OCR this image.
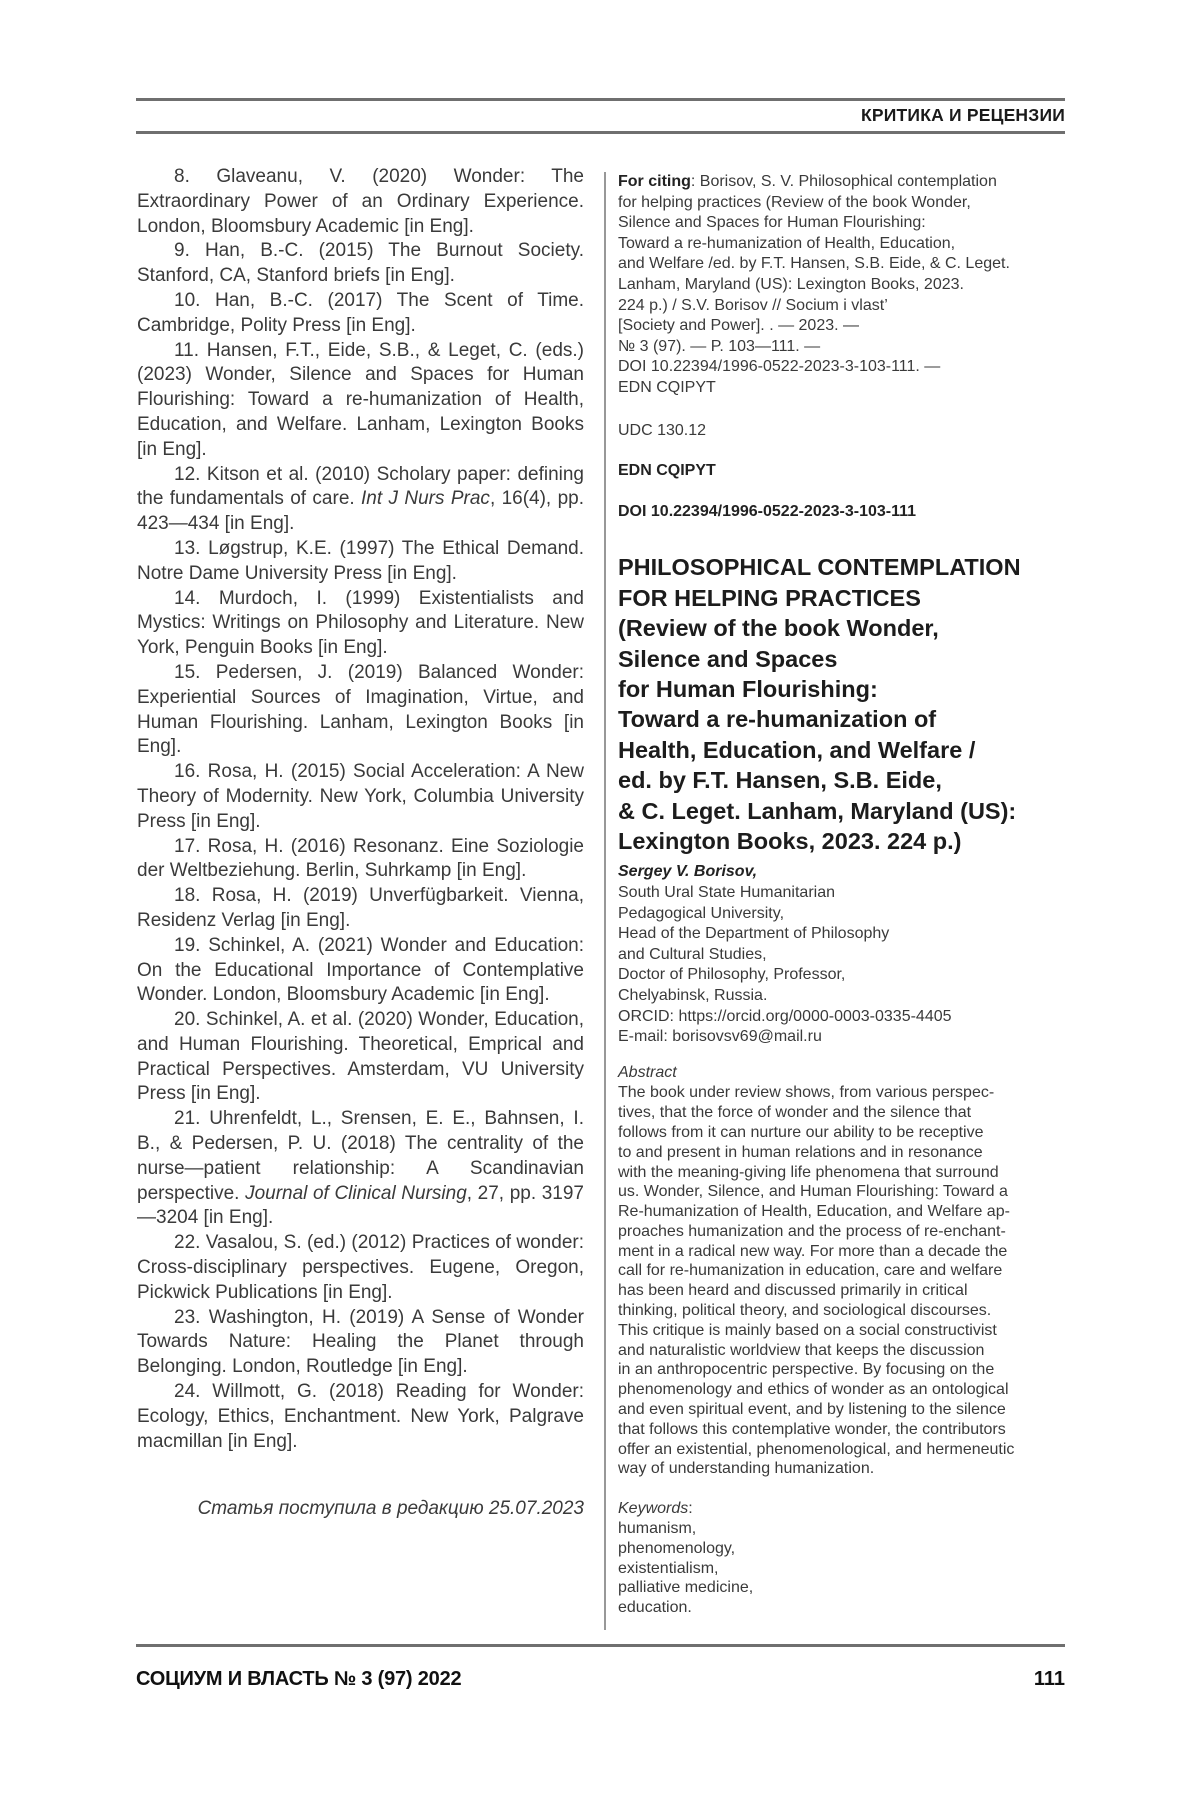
КРИТИКА И РЕЦЕНЗИИ

8. Glaveanu, V. (2020) Wonder: The Extraordinary Power of an Ordinary Experience. London, Bloomsbury Academic [in Eng].

9. Han, B.-C. (2015) The Burnout Society. Stanford, CA, Stanford briefs [in Eng].

10. Han, B.-C. (2017) The Scent of Time. Cambridge, Polity Press [in Eng].

11. Hansen, F.T., Eide, S.B., & Leget, C. (eds.) (2023) Wonder, Silence and Spaces for Human Flourishing: Toward a re-humanization of Health, Education, and Welfare. Lanham, Lexington Books [in Eng].

12. Kitson et al. (2010) Scholary paper: defining the fundamentals of care. Int J Nurs Prac, 16(4), pp. 423—434 [in Eng].

13. Løgstrup, K.E. (1997) The Ethical Demand. Notre Dame University Press [in Eng].

14. Murdoch, I. (1999) Existentialists and Mystics: Writings on Philosophy and Literature. New York, Penguin Books [in Eng].

15. Pedersen, J. (2019) Balanced Wonder: Experiential Sources of Imagination, Virtue, and Human Flourishing. Lanham, Lexington Books [in Eng].

16. Rosa, H. (2015) Social Acceleration: A New Theory of Modernity. New York, Columbia University Press [in Eng].

17. Rosa, H. (2016) Resonanz. Eine Soziologie der Weltbeziehung. Berlin, Suhrkamp [in Eng].

18. Rosa, H. (2019) Unverfügbarkeit. Vienna, Residenz Verlag [in Eng].

19. Schinkel, A. (2021) Wonder and Education: On the Educational Importance of Contemplative Wonder. London, Bloomsbury Academic [in Eng].

20. Schinkel, A. et al. (2020) Wonder, Education, and Human Flourishing. Theoretical, Emprical and Practical Perspectives. Amsterdam, VU University Press [in Eng].

21. Uhrenfeldt, L., Srensen, E. E., Bahnsen, I. B., & Pedersen, P. U. (2018) The centrality of the nurse—patient relationship: A Scandinavian perspective. Journal of Clinical Nursing, 27, pp. 3197—3204 [in Eng].

22. Vasalou, S. (ed.) (2012) Practices of wonder: Cross-disciplinary perspectives. Eugene, Oregon, Pickwick Publications [in Eng].

23. Washington, H. (2019) A Sense of Wonder Towards Nature: Healing the Planet through Belonging. London, Routledge [in Eng].

24. Willmott, G. (2018) Reading for Wonder: Ecology, Ethics, Enchantment. New York, Palgrave macmillan [in Eng].

Статья поступила в редакцию 25.07.2023
For citing: Borisov, S. V. Philosophical contemplation
for helping practices (Review of the book Wonder,
Silence and Spaces for Human Flourishing:
Toward a re-humanization of Health, Education,
and Welfare /ed. by F.T. Hansen, S.B. Eide, & C. Leget.
Lanham, Maryland (US): Lexington Books, 2023.
224 p.) / S.V. Borisov // Socium i vlast’
[Society and Power]. . — 2023. —
№ 3 (97). — P. 103—111. —
DOI 10.22394/1996-0522-2023-3-103-111. —
EDN CQIPYT
UDC 130.12
EDN CQIPYT
DOI 10.22394/1996-0522-2023-3-103-111
PHILOSOPHICAL CONTEMPLATION
FOR HELPING PRACTICES
(Review of the book Wonder,
Silence and Spaces
for Human Flourishing:
Toward a re-humanization of
Health, Education, and Welfare /
ed. by F.T. Hansen, S.B. Eide,
& C. Leget. Lanham, Maryland (US):
Lexington Books, 2023. 224 p.)
Sergey V. Borisov,
South Ural State Humanitarian
Pedagogical University,
Head of the Department of Philosophy
and Cultural Studies,
Doctor of Philosophy, Professor,
Chelyabinsk, Russia.
ORCID: https://orcid.org/0000-0003-0335-4405
E-mail: borisovsv69@mail.ru
Abstract
The book under review shows, from various perspec-
tives, that the force of wonder and the silence that
follows from it can nurture our ability to be receptive
to and present in human relations and in resonance
with the meaning-giving life phenomena that surround
us. Wonder, Silence, and Human Flourishing: Toward a
Re-humanization of Health, Education, and Welfare ap-
proaches humanization and the process of re-enchant-
ment in a radical new way. For more than a decade the
call for re-humanization in education, care and welfare
has been heard and discussed primarily in critical
thinking, political theory, and sociological discourses.
This critique is mainly based on a social constructivist
and naturalistic worldview that keeps the discussion
in an anthropocentric perspective. By focusing on the
phenomenology and ethics of wonder as an ontological
and even spiritual event, and by listening to the silence
that follows this contemplative wonder, the contributors
offer an existential, phenomenological, and hermeneutic
way of understanding humanization.
Keywords:
humanism,
phenomenology,
existentialism,
palliative medicine,
education.
СОЦИУМ И ВЛАСТЬ № 3 (97) 2022	111
